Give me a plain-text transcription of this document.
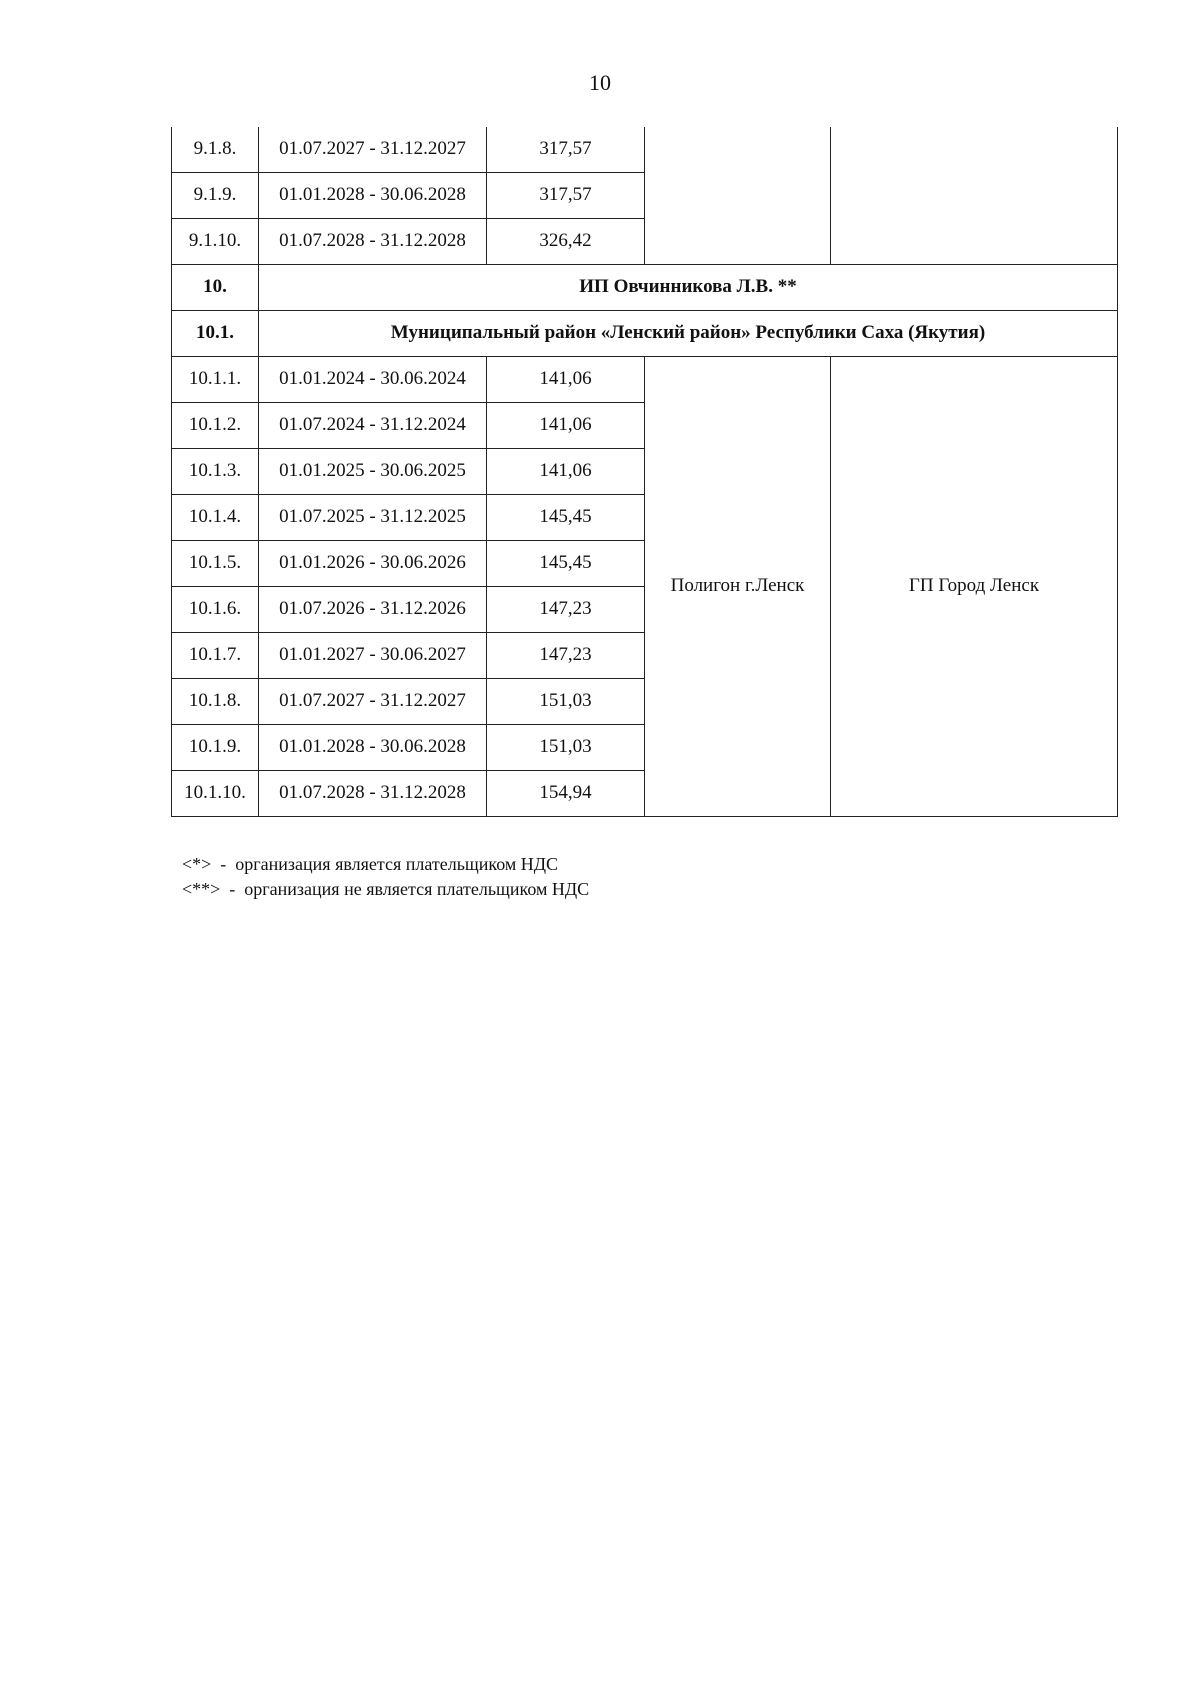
10
9.1.8.	01.07.2027 - 31.12.2027	317,57		
9.1.9.	01.01.2028 - 30.06.2028	317,57		
9.1.10.	01.07.2028 - 31.12.2028	326,42		
10.	ИП Овчинникова Л.В. **			
10.1.	Муниципальный район «Ленский район» Республики Саха (Якутия)			
10.1.1.	01.01.2024 - 30.06.2024	141,06	Полигон г.Ленск	ГП Город Ленск
10.1.2.	01.07.2024 - 31.12.2024	141,06		
10.1.3.	01.01.2025 - 30.06.2025	141,06		
10.1.4.	01.07.2025 - 31.12.2025	145,45		
10.1.5.	01.01.2026 - 30.06.2026	145,45		
10.1.6.	01.07.2026 - 31.12.2026	147,23		
10.1.7.	01.01.2027 - 30.06.2027	147,23		
10.1.8.	01.07.2027 - 31.12.2027	151,03		
10.1.9.	01.01.2028 - 30.06.2028	151,03		
10.1.10.	01.07.2028 - 31.12.2028	154,94		
<*>  -  организация является плательщиком НДС
<**>  -  организация не является плательщиком НДС
